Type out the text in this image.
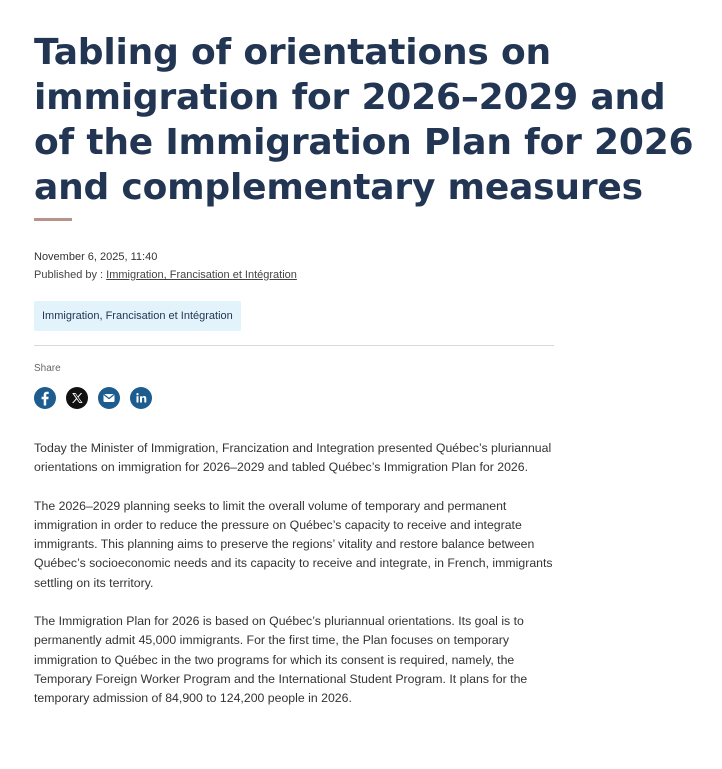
Tabling of orientations on immigration for 2026–2029 and of the Immigration Plan for 2026 and complementary measures
November 6, 2025, 11:40
Published by : Immigration, Francisation et Intégration
Immigration, Francisation et Intégration
Share

Today the Minister of Immigration, Francization and Integration presented Québec’s pluriannual orientations on immigration for 2026–2029 and tabled Québec’s Immigration Plan for 2026.

The 2026–2029 planning seeks to limit the overall volume of temporary and permanent immigration in order to reduce the pressure on Québec’s capacity to receive and integrate immigrants. This planning aims to preserve the regions’ vitality and restore balance between Québec’s socioeconomic needs and its capacity to receive and integrate, in French, immigrants settling on its territory.

The Immigration Plan for 2026 is based on Québec’s pluriannual orientations. Its goal is to permanently admit 45,000 immigrants. For the first time, the Plan focuses on temporary immigration to Québec in the two programs for which its consent is required, namely, the Temporary Foreign Worker Program and the International Student Program. It plans for the temporary admission of 84,900 to 124,200 people in 2026.
